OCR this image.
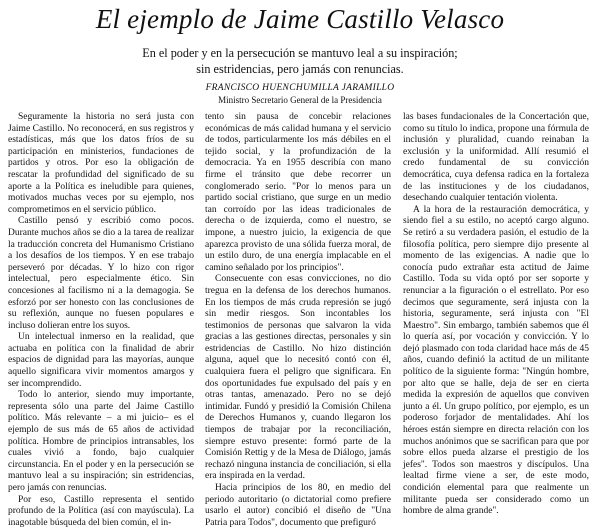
El ejemplo de Jaime Castillo Velasco
En el poder y en la persecución se mantuvo leal a su inspiración;
sin estridencias, pero jamás con renuncias.
FRANCISCO HUENCHUMILLA JARAMILLO
Ministro Secretario General de la Presidencia

Seguramente la historia no será justa con Jaime Castillo. No reconocerá, en sus registros y estadísticas, más que los datos fríos de su participación en ministerios, fundaciones de partidos y otros. Por eso la obligación de rescatar la profundidad del significado de su aporte a la Política es ineludible para quienes, motivados muchas veces por su ejemplo, nos comprometimos en el servicio público.

Castillo pensó y escribió como pocos. Durante muchos años se dio a la tarea de realizar la traducción concreta del Humanismo Cristiano a los desafíos de los tiempos. Y en ese trabajo perseveró por décadas. Y lo hizo con rigor intelectual, pero especialmente ético. Sin concesiones al facilismo ni a la demagogia. Se esforzó por ser honesto con las conclusiones de su reflexión, aunque no fuesen populares e incluso dolieran entre los suyos.

Un intelectual inmerso en la realidad, que actuaba en política con la finalidad de abrir espacios de dignidad para las mayorías, aunque aquello significara vivir momentos amargos y ser incomprendido.

Todo lo anterior, siendo muy importante, representa sólo una parte del Jaime Castillo político. Más relevante – a mi juicio– es el ejemplo de sus más de 65 años de actividad política. Hombre de principios intransables, los cuales vivió a fondo, bajo cualquier circunstancia. En el poder y en la persecución se mantuvo leal a su inspiración; sin estridencias, pero jamás con renuncias.

Por eso, Castillo representa el sentido profundo de la Política (así con mayúscula). La inagotable búsqueda del bien común, el in-

tento sin pausa de concebir relaciones económicas de más calidad humana y el servicio de todos, particularmente los más débiles en el tejido social, y la profundización de la democracia. Ya en 1955 describía con mano firme el tránsito que debe recorrer un conglomerado serio. "Por lo menos para un partido social cristiano, que surge en un medio tan corroído por las ideas tradicionales de derecha o de izquierda, como el nuestro, se impone, a nuestro juicio, la exigencia de que aparezca provisto de una sólida fuerza moral, de un estilo duro, de una energía implacable en el camino señalado por los principios".

Consecuente con esas convicciones, no dio tregua en la defensa de los derechos humanos. En los tiempos de más cruda represión se jugó sin medir riesgos. Son incontables los testimonios de personas que salvaron la vida gracias a las gestiones directas, personales y sin estridencias de Castillo. No hizo distinción alguna, aquel que lo necesitó contó con él, cualquiera fuera el peligro que significara. En dos oportunidades fue expulsado del país y en otras tantas, amenazado. Pero no se dejó intimidar. Fundó y presidió la Comisión Chilena de Derechos Humanos y, cuando llegaron los tiempos de trabajar por la reconciliación, siempre estuvo presente: formó parte de la Comisión Rettig y de la Mesa de Diálogo, jamás rechazó ninguna instancia de conciliación, si ella era inspirada en la verdad.

Hacia principios de los 80, en medio del periodo autoritario (o dictatorial como prefiere usarlo el autor) concibió el diseño de "Una Patria para Todos", documento que prefiguró

las bases fundacionales de la Concertación que, como su título lo indica, propone una fórmula de inclusión y pluralidad, cuando reinaban la exclusión y la uniformidad. Allí resumió el credo fundamental de su convicción democrática, cuya defensa radica en la fortaleza de las instituciones y de los ciudadanos, desechando cualquier tentación violenta.

A la hora de la restauración democrática, y siendo fiel a su estilo, no aceptó cargo alguno. Se retiró a su verdadera pasión, el estudio de la filosofía política, pero siempre dijo presente al momento de las exigencias. A nadie que lo conocía pudo extrañar esta actitud de Jaime Castillo. Toda su vida optó por ser soporte y renunciar a la figuración o el estrellato. Por eso decimos que seguramente, será injusta con la historia, seguramente, será injusta con "El Maestro". Sin embargo, también sabemos que él lo quería así, por vocación y convicción. Y lo dejó plasmado con toda claridad hace más de 45 años, cuando definió la actitud de un militante político de la siguiente forma: "Ningún hombre, por alto que se halle, deja de ser en cierta medida la expresión de aquellos que conviven junto a él. Un grupo político, por ejemplo, es un poderoso forjador de mentalidades. Ahí los héroes están siempre en directa relación con los muchos anónimos que se sacrifican para que por sobre ellos pueda alzarse el prestigio de los jefes". Todos son maestros y discípulos. Una lealtad firme viene a ser, de este modo, condición elemental para que realmente un militante pueda ser considerado como un hombre de alma grande".
